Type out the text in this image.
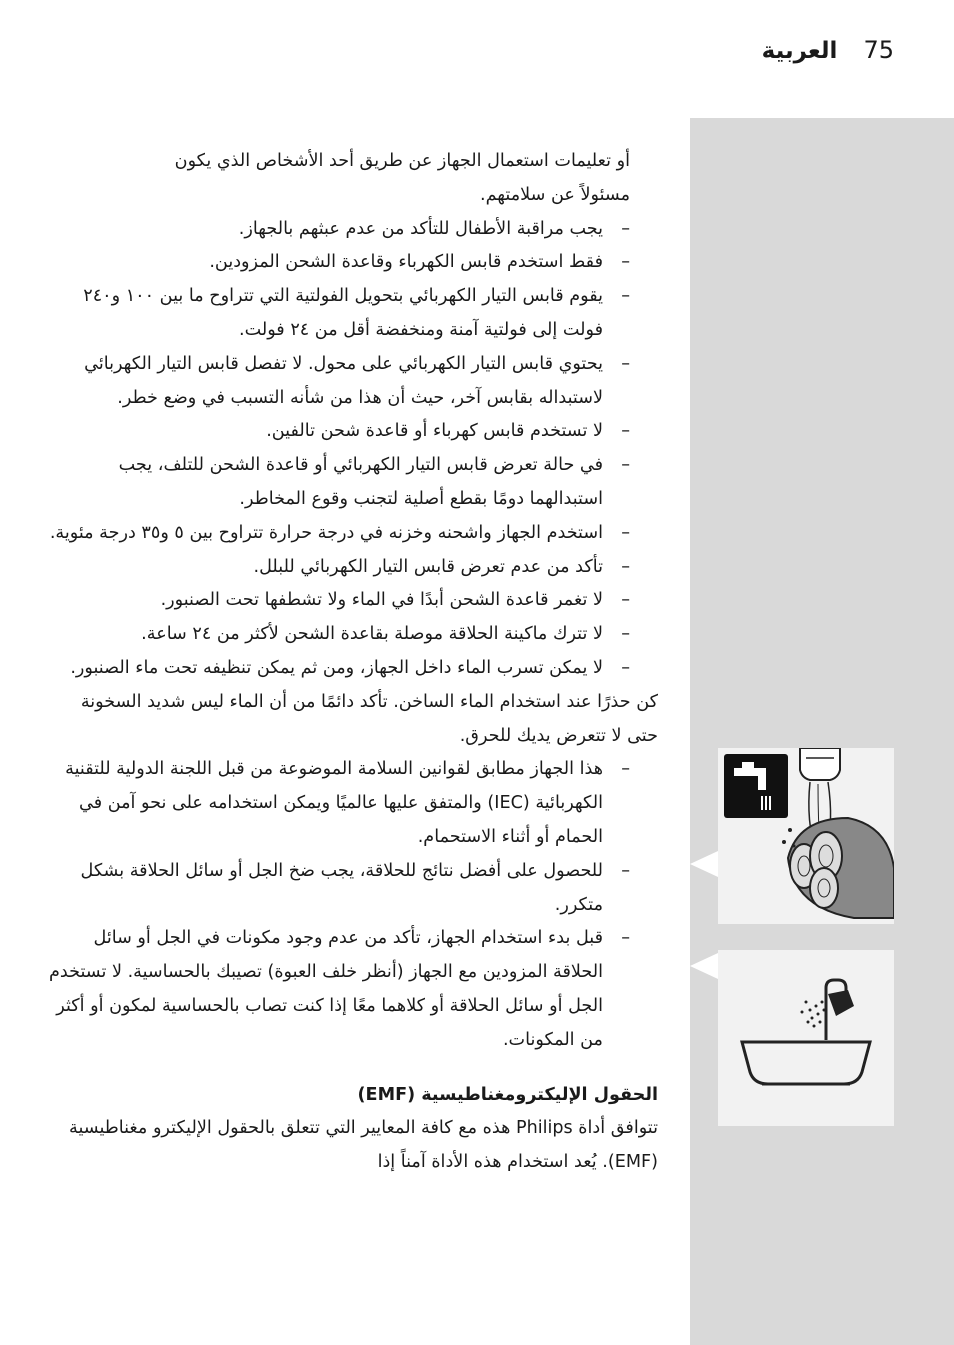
العربية 75

أو تعليمات استعمال الجهاز عن طريق أحد الأشخاص الذي يكون
مسئولاً عن سلامتهم.

–
يجب مراقبة الأطفال للتأكد من عدم عبثهم بالجهاز.
–
فقط استخدم قابس الكهرباء وقاعدة الشحن المزودين.
–
يقوم قابس التيار الكهربائي بتحويل الفولتية التي تتراوح ما بين ١٠٠ و٢٤٠ فولت إلى فولتية آمنة ومنخفضة أقل من ٢٤ فولت.
–
يحتوي قابس التيار الكهربائي على محول. لا تفصل قابس التيار الكهربائي لاستبداله بقابس آخر، حيث أن هذا من شأنه التسبب في وضع خطر.
–
لا تستخدم قابس كهرباء أو قاعدة شحن تالفين.
–
في حالة تعرض قابس التيار الكهربائي أو قاعدة الشحن للتلف، يجب استبدالهما دومًا بقطع أصلية لتجنب وقوع المخاطر.
–
استخدم الجهاز واشحنه وخزنه في درجة حرارة تتراوح بين ٥ و٣٥ درجة مئوية.
–
تأكد من عدم تعرض قابس التيار الكهربائي للبلل.
–
لا تغمر قاعدة الشحن أبدًا في الماء ولا تشطفها تحت الصنبور.
–
لا تترك ماكينة الحلاقة موصلة بقاعدة الشحن لأكثر من ٢٤ ساعة.
–
لا يمكن تسرب الماء داخل الجهاز، ومن ثم يمكن تنظيفه تحت ماء الصنبور.

كن حذرًا عند استخدام الماء الساخن. تأكد دائمًا من أن الماء ليس شديد السخونة حتى لا تتعرض يديك للحرق.

–
هذا الجهاز مطابق لقوانين السلامة الموضوعة من قبل اللجنة الدولية للتقنية الكهربائية (IEC) والمتفق عليها عالميًا ويمكن استخدامه على نحو آمن في الحمام أو أثناء الاستحمام.
–
للحصول على أفضل نتائج للحلاقة، يجب ضخ الجل أو سائل الحلاقة بشكل متكرر.
–
قبل بدء استخدام الجهاز، تأكد من عدم وجود مكونات في الجل أو سائل الحلاقة المزودين مع الجهاز (أنظر خلف العبوة) تصيبك بالحساسية. لا تستخدم الجل أو سائل الحلاقة أو كلاهما معًا إذا كنت تصاب بالحساسية لمكون أو أكثر من المكونات.
الحقول الإليكترومغناطيسية (EMF)

تتوافق أداة Philips هذه مع كافة المعايير التي تتعلق بالحقول الإليكترو مغناطيسية (EMF). يُعد استخدام هذه الأداة آمناً إذا
